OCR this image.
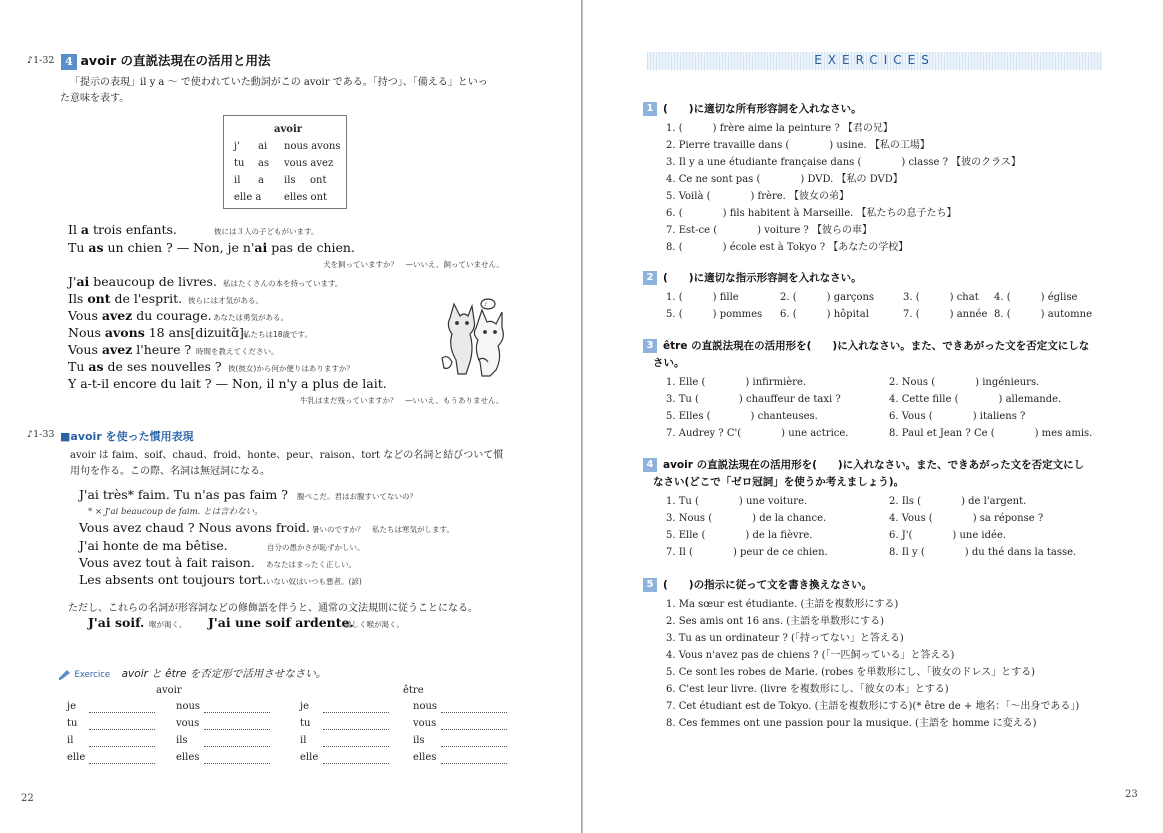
♪1-32 4 avoir の直説法現在の活用と用法
「提示の表現」il y a 〜 で使われていた動詞がこの avoir である。「持つ」、「備える」といっ
た意味を表す。
avoir
j' ai nous avons
tu as vous avez
il a ils ont
elle a elles ont
Il a trois enfants.	彼には３人の子どもがいます。
Tu as un chien ? — Non, je n'ai pas de chien.
犬を飼っていますか？　—いいえ、飼っていません。
J'ai beaucoup de livres. 私はたくさんの本を持っています。
Ils ont de l'esprit. 彼らには才気がある。
Vous avez du courage. あなたは勇気がある。
Nous avons 18 ans[dizuitɑ̃].
私たちは18歳です。
Vous avez l'heure ? 時間を教えてください。
Tu as de ses nouvelles ? 彼(彼女)から何か便りはありますか？
Y a-t-il encore du lait ? — Non, il n'y a plus de lait.
牛乳はまだ残っていますか？　—いいえ、もうありません。
♪
♪1-33 ■avoir を使った慣用表現
avoir は faim、soif、chaud、froid、honte、peur、raison、tort などの名詞と結びついて慣
用句を作る。この際、名詞は無冠詞になる。
J'ai très* faim. Tu n'as pas faim ? 腹ぺこだ。君はお腹すいてないの？
* × J'ai beaucoup de faim. とは言わない。
Vous avez chaud ? Nous avons froid. 暑いのですか？　私たちは寒気がします。
J'ai honte de ma bêtise.	自分の愚かさが恥ずかしい。
Vous avez tout à fait raison. あなたはまったく正しい。
Les absents ont toujours tort. いない奴はいつも悪者。(諺)
ただし、これらの名詞が形容詞などの修飾語を伴うと、通常の文法規則に従うことになる。
J'ai soif. 喉が渇く。 J'ai une soif ardente.
激しく喉が渇く。
Exercice avoir と être を否定形で活用させなさい。
avoir	être
22
je	nous	je	nous
tu	vous	tu	vous
il	ils	il	ils
elle	elles	elle	elles
EXERCICES
1 (　　)に適切な所有形容詞を入れなさい。
2 (　　)に適切な指示形容詞を入れなさい。
3 être の直説法現在の活用形を(　　)に入れなさい。また、できあがった文を否定文にしな
さい。
4 avoir の直説法現在の活用形を(　　)に入れなさい。また、できあがった文を否定文にし
なさい(どこで「ゼロ冠詞」を使うか考えましょう)。
5 (　　)の指示に従って文を書き換えなさい。
23
1. (　　　) frère aime la peinture ? 【君の兄】
2. Pierre travaille dans (　　　　) usine. 【私の工場】
3. Il y a une étudiante française dans (　　　　) classe ? 【彼のクラス】
4. Ce ne sont pas (　　　　) DVD. 【私の DVD】
5. Voilà (　　　　) frère. 【彼女の弟】
6. (　　　　) fils habitent à Marseille. 【私たちの息子たち】
7. Est-ce (　　　　) voiture ? 【彼らの車】
8. (　　　　) école est à Tokyo ? 【あなたの学校】
1. (　　　) fille	2. (　　　) garçons	3. (　　　) chat 4. (　　　) église
5. (　　　) pommes 6. (　　　) hôpital	7. (　　　) année 8. (　　　) automne
1. Elle (　　　　) infirmière.	2. Nous (　　　　) ingénieurs.
3. Tu (　　　　) chauffeur de taxi ?	4. Cette fille (　　　　) allemande.
5. Elles (　　　　) chanteuses.	6. Vous (　　　　) italiens ?
7. Audrey ? C'(　　　　) une actrice.	8. Paul et Jean ? Ce (　　　　) mes amis.
1. Tu (　　　　) une voiture.	2. Ils (　　　　) de l'argent.
3. Nous (　　　　) de la chance.	4. Vous (　　　　) sa réponse ?
5. Elle (　　　　) de la fièvre.	6. J'(　　　　) une idée.
7. Il (　　　　) peur de ce chien.	8. Il y (　　　　) du thé dans la tasse.
1. Ma sœur est étudiante. (主語を複数形にする)
2. Ses amis ont 16 ans. (主語を単数形にする)
3. Tu as un ordinateur ? (「持ってない」と答える)
4. Vous n'avez pas de chiens ? (「一匹飼っている」と答える)
5. Ce sont les robes de Marie. (robes を単数形にし、「彼女のドレス」とする)
6. C'est leur livre. (livre を複数形にし、「彼女の本」とする)
7. Cet étudiant est de Tokyo. (主語を複数形にする)(* être de + 地名：「〜出身である」)
8. Ces femmes ont une passion pour la musique. (主語を homme に変える)
